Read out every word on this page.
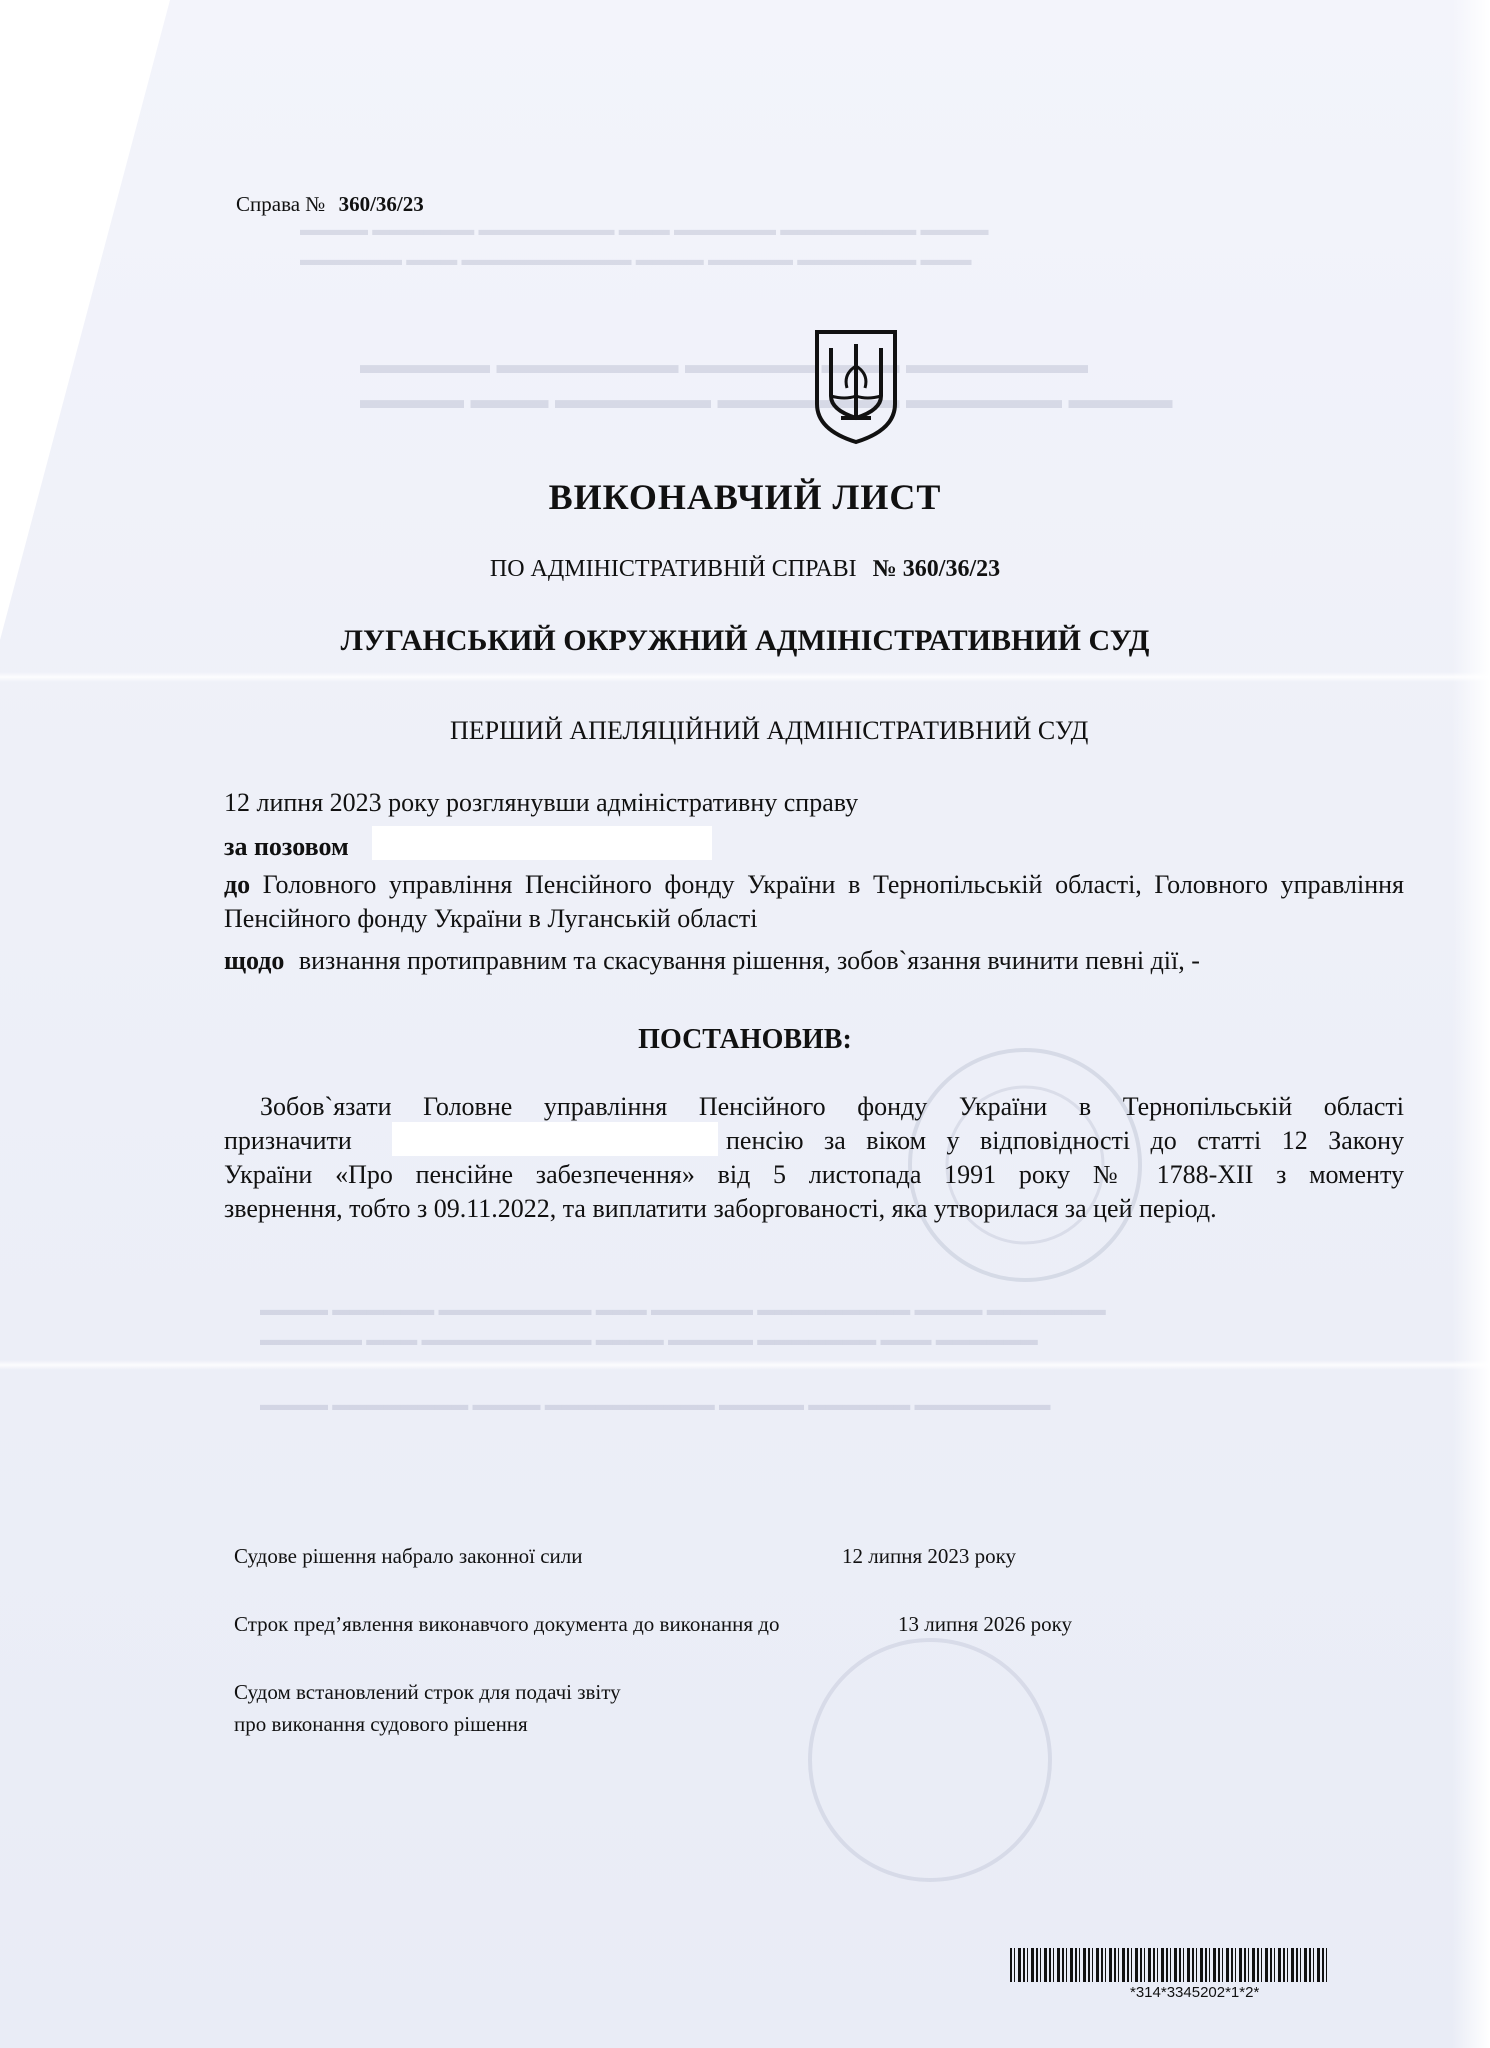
▬▬▬▬ ▬▬▬▬▬▬ ▬▬▬▬▬▬▬▬ ▬▬▬ ▬▬▬▬▬▬ ▬▬▬▬▬▬▬▬ ▬▬▬▬
▬▬▬▬▬▬ ▬▬▬ ▬▬▬▬▬▬▬▬▬▬ ▬▬▬▬ ▬▬▬▬▬ ▬▬▬▬▬▬▬ ▬▬▬
▬▬▬▬▬ ▬▬▬▬▬▬▬ ▬▬▬▬▬ ▬▬▬ ▬▬▬▬▬▬▬
▬▬▬▬ ▬▬▬ ▬▬▬▬▬▬ ▬▬▬▬▬▬▬ ▬▬▬▬▬▬ ▬▬▬▬
▬▬▬▬ ▬▬▬▬▬▬ ▬▬▬▬▬▬▬▬▬ ▬▬▬ ▬▬▬▬▬▬ ▬▬▬▬▬▬▬▬▬ ▬▬▬▬ ▬▬▬▬▬▬▬
▬▬▬▬▬▬ ▬▬▬ ▬▬▬▬▬▬▬▬▬▬ ▬▬▬▬ ▬▬▬▬▬ ▬▬▬▬▬▬▬ ▬▬▬ ▬▬▬▬▬▬
▬▬▬▬ ▬▬▬▬▬▬▬▬ ▬▬▬▬ ▬▬▬▬▬▬▬▬▬▬ ▬▬▬▬▬ ▬▬▬▬▬▬ ▬▬▬▬▬▬▬▬
Справа № 360/36/23
ВИКОНАВЧИЙ ЛИСТ
ПО АДМІНІСТРАТИВНІЙ СПРАВІ № 360/36/23
ЛУГАНСЬКИЙ ОКРУЖНИЙ АДМІНІСТРАТИВНИЙ СУД
ПЕРШИЙ АПЕЛЯЦІЙНИЙ АДМІНІСТРАТИВНИЙ СУД
12 липня 2023 року розглянувши адміністративну справу
за позовом
до Головного управління Пенсійного фонду України в Тернопільській області, Головного управління Пенсійного фонду України в Луганській області
щодо визнання протиправним та скасування рішення, зобов`язання вчинити певні дії, -
ПОСТАНОВИВ:
Зобов`язати Головне управління Пенсійного фонду України в Тернопільській області
призначити	пенсію за віком у відповідності до статті 12 Закону
України «Про пенсійне забезпечення» від 5 листопада 1991 року № 1788-XII з моменту
звернення, тобто з 09.11.2022, та виплатити заборгованості, яка утворилася за цей період.
Судове рішення набрало законної сили	12 липня 2023 року
Строк пред’явлення виконавчого документа до виконання до	13 липня 2026 року
Судом встановлений строк для подачі звіту
про виконання судового рішення
*314*3345202*1*2*
